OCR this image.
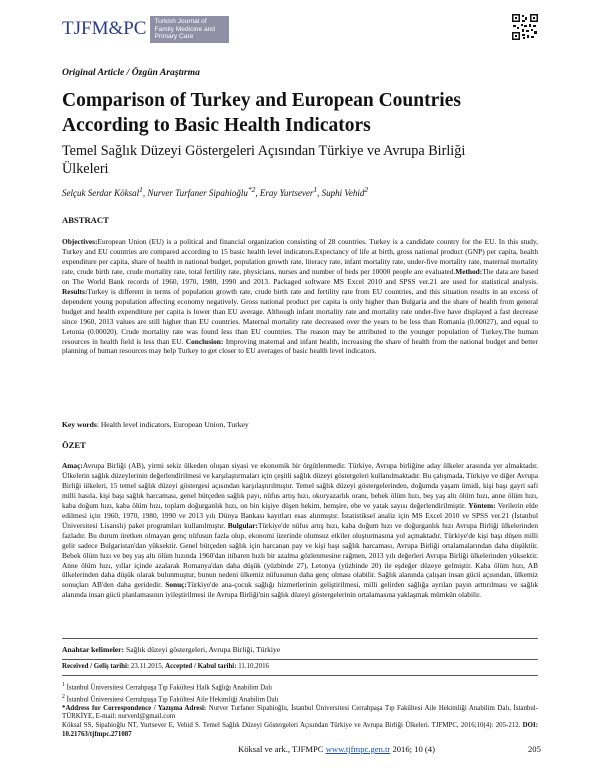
TJFM&PC Turkish Journal of
Family Medicine and
Primary Care
Original Article / Özgün Araştırma
Comparison of Turkey and European Countries
According to Basic Health Indicators
Temel Sağlık Düzeyi Göstergeleri Açısından Türkiye ve Avrupa Birliği
Ülkeleri
Selçuk Serdar Köksal$^1$, Nurver Turfaner Sipahioğlu$^{*2}$, Eray Yurtsever$^1$, Suphi Vehid$^2$
ABSTRACT
Objectives:European Union (EU) is a political and financial organization consisting of 28 countries. Turkey is a candidate country for the EU. In this study, Turkey and EU countries are compared according to 15 basic health level indicators.Expectancy of life at birth, gross national product (GNP) per capita, health expenditure per capita, share of health in national budget, population growth rate, literacy rate, infant mortality rate, under-five mortality rate, maternal mortality rate, crude birth rate, crude mortality rate, total fertility rate, physicians, nurses and number of beds per 10000 people are evaluated.Method:The data are based on The World Bank records of 1960, 1970, 1980, 1990 and 2013. Packaged software MS Excel 2010 and SPSS ver.21 are used for statistical analysis. Results:Turkey is different in terms of population growth rate, crude birth rate and fertility rate from EU countries, and this situation results in an excess of dependent young population affecting economy negatively. Gross national product per capita is only higher than Bulgaria and the share of health from general budget and health expenditure per capita is lower than EU average. Although infant mortality rate and mortality rate under-five have displayed a fast decrease since 1960, 2013 values are still higher than EU countries. Maternal mortality rate decreased over the years to be less than Romania (0.00027), and equal to Letonia (0.00020). Crude mortality rate was found less than EU countries. The reason may be attributed to the younger population of Turkey.The human resources in health field is less than EU. Conclusion: Improving maternal and infant health, increasing the share of health from the national budget and better planning of human resources may help Turkey to get closer to EU averages of basic health level indicators.
Key words: Health level indicators, European Union, Turkey
ÖZET
Amaç:Avrupa Birliği (AB), yirmi sekiz ülkeden oluşan siyasi ve ekonomik bir örgütlenmedir. Türkiye, Avrupa birliğine aday ülkeler arasında yer almaktadır. Ülkelerin sağlık düzeylerinin değerlendirilmesi ve karşılaştırmaları için çeşitli sağlık düzeyi göstergeleri kullanılmaktadır. Bu çalışmada, Türkiye ve diğer Avrupa Birliği ülkeleri, 15 temel sağlık düzeyi göstergesi açısından karşılaştırılmıştır. Temel sağlık düzeyi göstergelerinden, doğumda yaşam ümidi, kişi başı gayri safi milli hasıla, kişi başı sağlık harcaması, genel bütçeden sağlık payı, nüfus artış hızı, okuryazarlık oranı, bebek ölüm hızı, beş yaş altı ölüm hızı, anne ölüm hızı, kaba doğum hızı, kaba ölüm hızı, toplam doğurganlık hızı, on bin kişiye düşen hekim, hemşire, ebe ve yatak sayısı değerlendirilmiştir. Yöntem: Verilerin elde edilmesi için 1960, 1970, 1980, 1990 ve 2013 yılı Dünya Bankası kayıtları esas alınmıştır. İstatistiksel analiz için MS Excel 2010 ve SPSS ver.21 (İstanbul Üniversitesi Lisanslı) paket programları kullanılmıştır. Bulgular:Türkiye'de nüfus artış hızı, kaba doğum hızı ve doğurganlık hızı Avrupa Birliği ülkelerinden fazladır. Bu durum üretken olmayan genç nüfusun fazla olup, ekonomi üzerinde olumsuz etkiler oluşturmasına yol açmaktadır. Türkiye'de kişi başı düşen milli gelir sadece Bulgaristan'dan yüksektir. Genel bütçeden sağlık için harcanan pay ve kişi başı sağlık harcaması, Avrupa Birliği ortalamalarından daha düşüktür. Bebek ölüm hızı ve beş yaş altı ölüm hızında 1960'dan itibaren hızlı bir azalma gözlenmesine rağmen, 2013 yılı değerleri Avrupa Birliği ülkelerinden yüksektir. Anne ölüm hızı, yıllar içinde azalarak Romanya'dan daha düşük (yüzbinde 27), Letonya (yüzbinde 20) ile eşdeğer düzeye gelmiştir. Kaba ölüm hızı, AB ülkelerinden daha düşük olarak bulunmuştur, bunun nedeni ülkemiz nüfusunun daha genç olması olabilir. Sağlık alanında çalışan insan gücü açısından, ülkemiz sonuçları AB'den daha geridedir. Sonuç:Türkiye'de ana-çocuk sağlığı hizmetlerinin geliştirilmesi, milli gelirden sağlığa ayrılan payın arttırılması ve sağlık alanında insan gücü planlamasının iyileştirilmesi ile Avrupa Birliği'nin sağlık düzeyi göstergelerinin ortalamasına yaklaşmak mümkün olabilir.
Anahtar kelimeler: Sağlık düzeyi göstergeleri, Avrupa Birliği, Türkiye
Received / Geliş tarihi: 23.11.2015, Accepted / Kabul tarihi: 11.10.2016
$^1$ İstanbul Üniversitesi Cerrahpaşa Tıp Fakültesi Halk Sağlığı Anabilim Dalı
$^2$ İstanbul Üniversitesi Cerrahpaşa Tıp Fakültesi Aile Hekimliği Anabilim Dalı
*Address for Correspondence / Yazışma Adresi: Nurver Turfaner Sipahioğlu, İstanbul Üniversitesi Cerrahpaşa Tıp Fakültesi Aile Hekimliği Anabilim Dalı, İstanbul-TÜRKİYE, E-mail: nurverd@gmail.com
Köksal SS, Sipahioğlu NT, Yurtsever E, Vehid S. Temel Sağlık Düzeyi Göstergeleri Açısından Türkiye ve Avrupa Birliği Ülkeleri. TJFMPC, 2016;10(4): 205-212. DOI: 10.21763/tjfmpc.271087
Köksal ve ark., TJFMPC www.tjfmpc.gen.tr 2016; 10 (4)	205
